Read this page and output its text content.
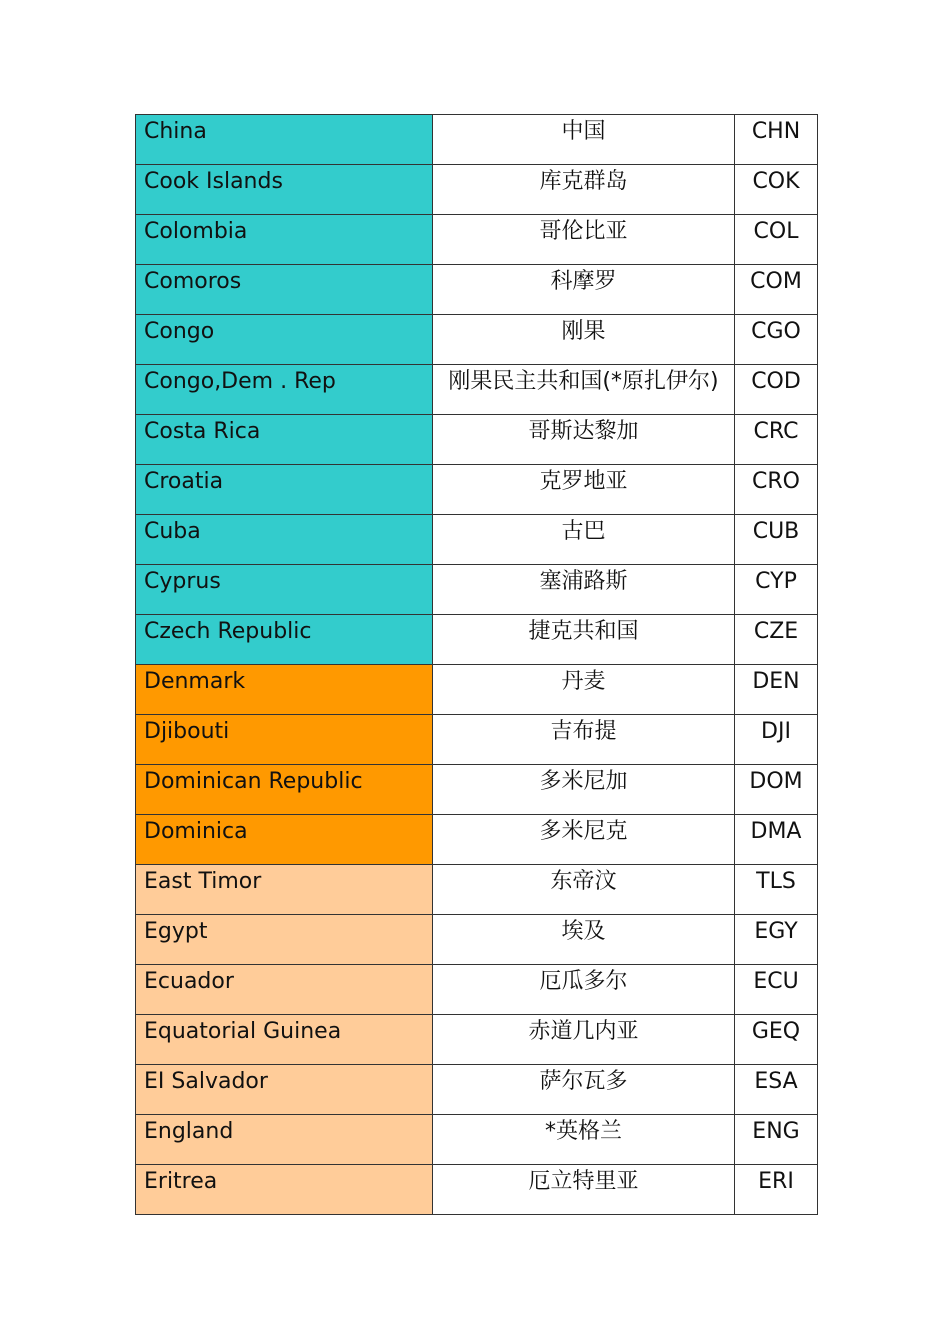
China	中国	CHN
Cook Islands	库克群岛	COK
Colombia	哥伦比亚	COL
Comoros	科摩罗	COM
Congo	刚果	CGO
Congo,Dem . Rep	刚果民主共和国(*原扎伊尔)	COD
Costa Rica	哥斯达黎加	CRC
Croatia	克罗地亚	CRO
Cuba	古巴	CUB
Cyprus	塞浦路斯	CYP
Czech Republic	捷克共和国	CZE
Denmark	丹麦	DEN
Djibouti	吉布提	DJI
Dominican Republic	多米尼加	DOM
Dominica	多米尼克	DMA
East Timor	东帝汶	TLS
Egypt	埃及	EGY
Ecuador	厄瓜多尔	ECU
Equatorial Guinea	赤道几内亚	GEQ
EI Salvador	萨尔瓦多	ESA
England	*英格兰	ENG
Eritrea	厄立特里亚	ERI
